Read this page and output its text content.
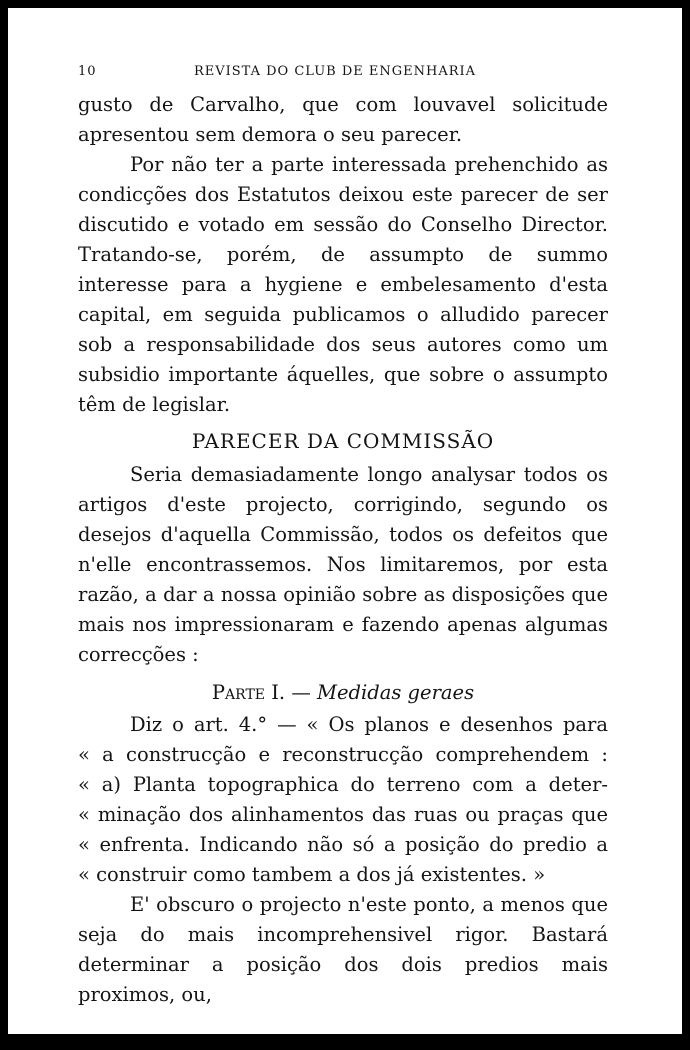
10	REVISTA DO CLUB DE ENGENHARIA

gusto de Carvalho, que com louvavel solicitude apresentou sem demora o seu parecer.

Por não ter a parte interessada prehenchido as condicções dos Estatutos deixou este parecer de ser discutido e votado em sessão do Conselho Director. Tratando-se, porém, de assumpto de summo interesse para a hygiene e embelesamento d'esta capital, em seguida publicamos o alludido parecer sob a responsabilidade dos seus autores como um subsidio importante áquelles, que sobre o assumpto têm de legislar.

PARECER DA COMMISSÃO

Seria demasiadamente longo analysar todos os artigos d'este projecto, corrigindo, segundo os desejos d'aquella Commissão, todos os defeitos que n'elle encontrassemos. Nos limitaremos, por esta razão, a dar a nossa opinião sobre as disposições que mais nos impressionaram e fazendo apenas algumas correcções :

Parte I. — Medidas geraes
Diz o art. 4.° — « Os planos e desenhos para
« a construcção e reconstrucção comprehendem :
« a) Planta topographica do terreno com a deter-
« minação dos alinhamentos das ruas ou praças que
« enfrenta. Indicando não só a posição do predio a
« construir como tambem a dos já existentes. »

E' obscuro o projecto n'este ponto, a menos que seja do mais incomprehensivel rigor. Bastará determinar a posição dos dois predios mais proximos, ou,
